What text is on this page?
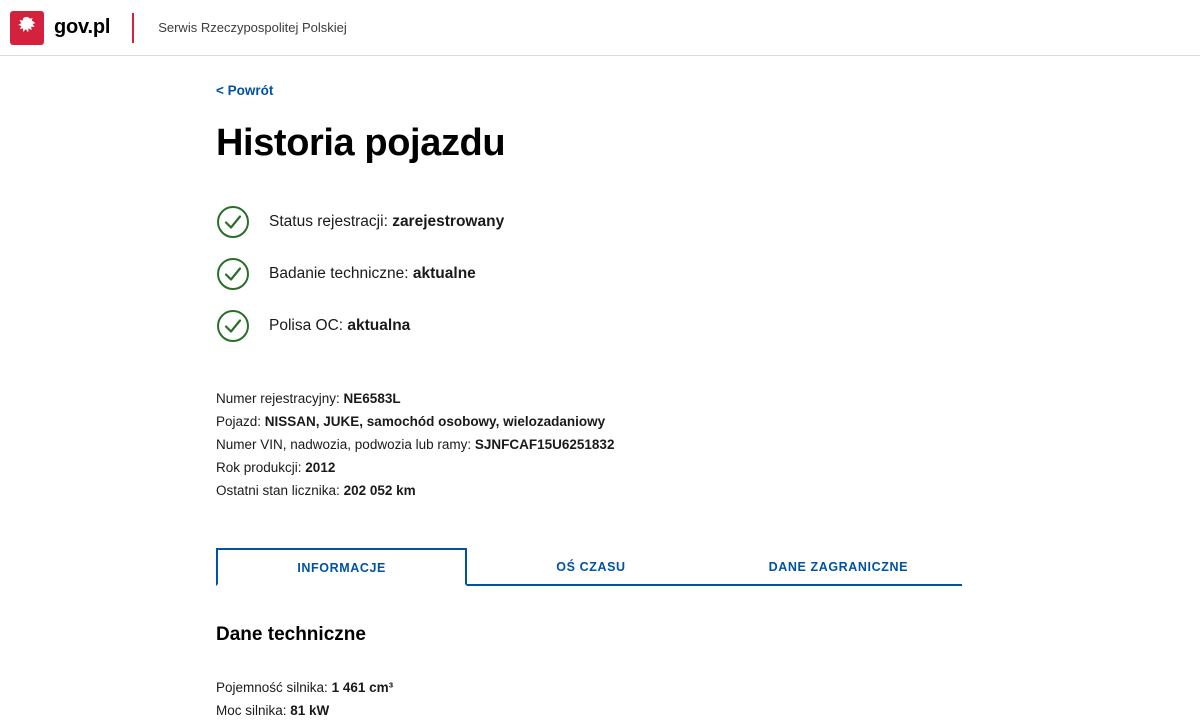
gov.pl	Serwis Rzeczypospolitej Polskiej
< Powrót
Historia pojazdu
Status rejestracji: zarejestrowany
Badanie techniczne: aktualne
Polisa OC: aktualna
Numer rejestracyjny: NE6583L
Pojazd: NISSAN, JUKE, samochód osobowy, wielozadaniowy
Numer VIN, nadwozia, podwozia lub ramy: SJNFCAF15U6251832
Rok produkcji: 2012
Ostatni stan licznika: 202 052 km
INFORMACJE	OŚ CZASU	DANE ZAGRANICZNE
Dane techniczne
Pojemność silnika: 1 461 cm³
Moc silnika: 81 kW
